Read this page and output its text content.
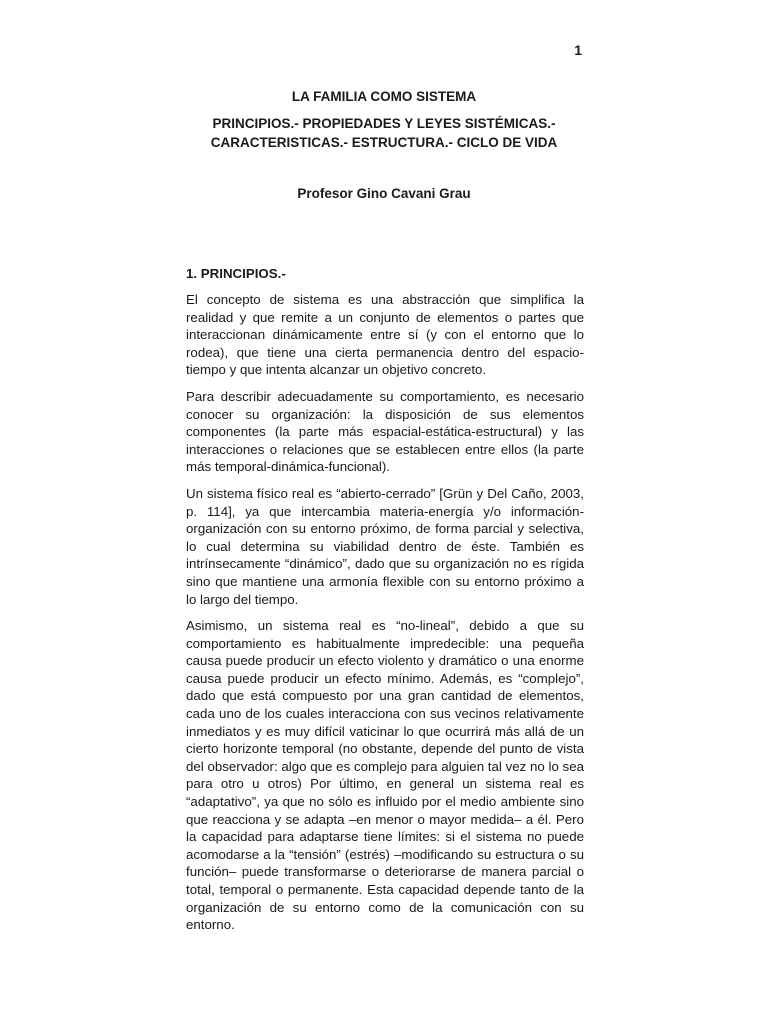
1
LA FAMILIA COMO SISTEMA
PRINCIPIOS.- PROPIEDADES Y LEYES SISTÉMICAS.-
CARACTERISTICAS.- ESTRUCTURA.- CICLO DE VIDA
Profesor Gino Cavani Grau
1. PRINCIPIOS.-

El concepto de sistema es una abstracción que simplifica la realidad y que remite a un conjunto de elementos o partes que interaccionan dinámicamente entre sí (y con el entorno que lo rodea), que tiene una cierta permanencia dentro del espacio-tiempo y que intenta alcanzar un objetivo concreto.

Para describir adecuadamente su comportamiento, es necesario conocer su organización: la disposición de sus elementos componentes (la parte más espacial-estática-estructural) y las interacciones o relaciones que se establecen entre ellos (la parte más temporal-dinámica-funcional).

Un sistema físico real es “abierto-cerrado” [Grün y Del Caño, 2003, p. 114], ya que intercambia materia-energía y/o información-organización con su entorno próximo, de forma parcial y selectiva, lo cual determina su viabilidad dentro de éste. También es intrínsecamente “dinámico”, dado que su organización no es rígida sino que mantiene una armonía flexible con su entorno próximo a lo largo del tiempo.

Asimismo, un sistema real es “no-lineal”, debido a que su comportamiento es habitualmente impredecible: una pequeña causa puede producir un efecto violento y dramático o una enorme causa puede producir un efecto mínimo. Además, es “complejo”, dado que está compuesto por una gran cantidad de elementos, cada uno de los cuales interacciona con sus vecinos relativamente inmediatos y es muy difícil vaticinar lo que ocurrirá más allá de un cierto horizonte temporal (no obstante, depende del punto de vista del observador: algo que es complejo para alguien tal vez no lo sea para otro u otros) Por último, en general un sistema real es “adaptativo”, ya que no sólo es influido por el medio ambiente sino que reacciona y se adapta –en menor o mayor medida– a él. Pero la capacidad para adaptarse tiene límites: si el sistema no puede acomodarse a la “tensión” (estrés) –modificando su estructura o su función– puede transformarse o deteriorarse de manera parcial o total, temporal o permanente. Esta capacidad depende tanto de la organización de su entorno como de la comunicación con su entorno.
